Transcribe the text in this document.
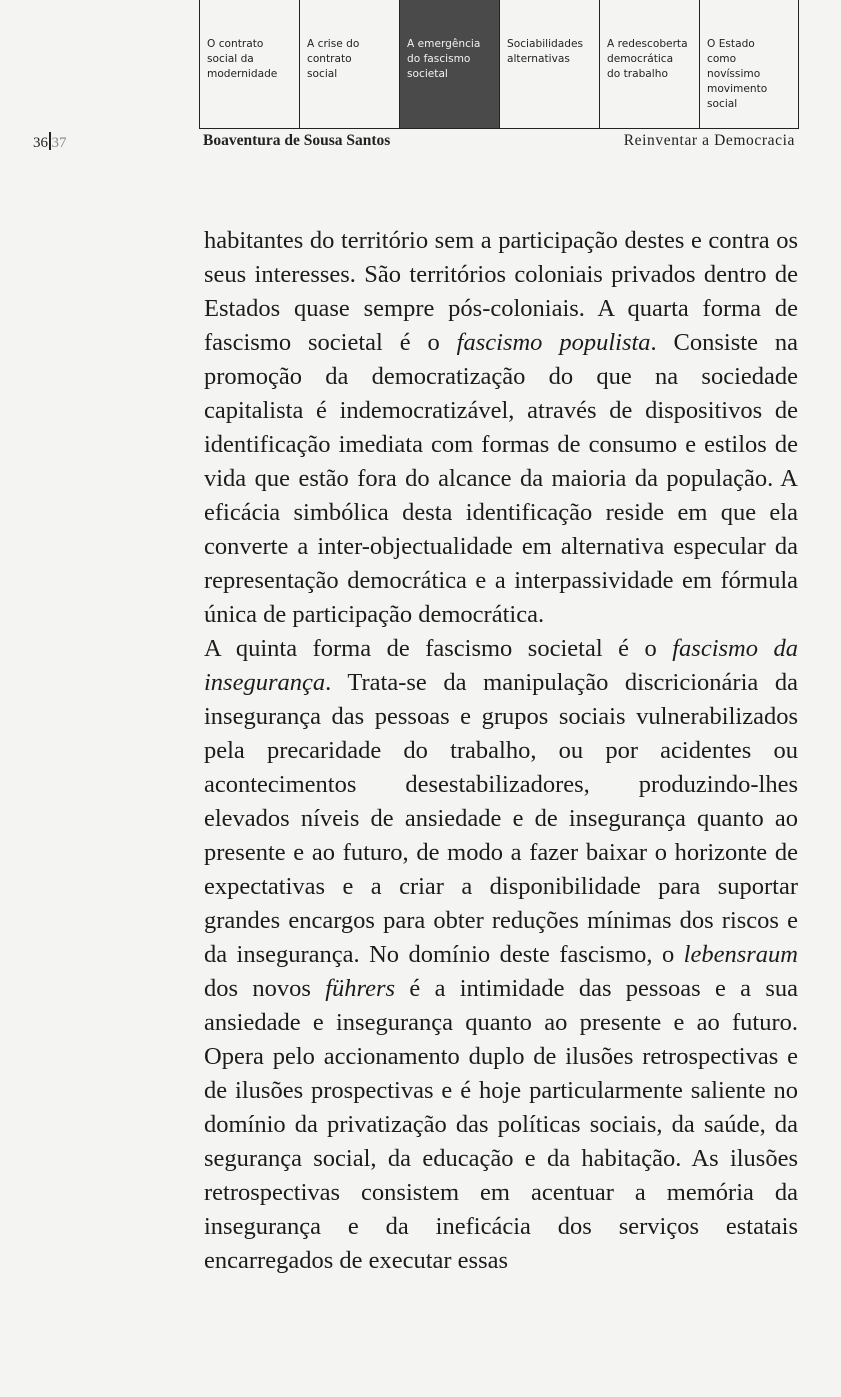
O contrato
social da
modernidade
A crise do
contrato
social
A emergência
do fascismo
societal
Sociabilidades
alternativas
A redescoberta
democrática
do trabalho
O Estado
como
novíssimo
movimento
social
36 37	Boaventura de Sousa Santos	Reinventar a Democracia

habitantes do território sem a participação destes e contra os seus interesses. São territórios coloniais privados dentro de Estados quase sempre pós-coloniais. A quarta forma de fascismo societal é o fascismo populista. Consiste na promoção da democratização do que na sociedade capitalista é indemocratizável, através de dispositivos de identificação imediata com formas de consumo e estilos de vida que estão fora do alcance da maioria da população. A eficácia simbólica desta identificação reside em que ela converte a inter-objectualidade em alternativa especular da representação democrática e a interpassividade em fórmula única de participação democrática.

A quinta forma de fascismo societal é o fascismo da insegurança. Trata-se da manipulação discricionária da insegurança das pessoas e grupos sociais vulnerabilizados pela precaridade do trabalho, ou por acidentes ou acontecimentos desestabilizadores, produzindo-lhes elevados níveis de ansiedade e de insegurança quanto ao presente e ao futuro, de modo a fazer baixar o horizonte de expectativas e a criar a disponibilidade para suportar grandes encargos para obter reduções mínimas dos riscos e da insegurança. No domínio deste fascismo, o lebensraum dos novos führers é a intimidade das pessoas e a sua ansiedade e insegurança quanto ao presente e ao futuro. Opera pelo accionamento duplo de ilusões retrospectivas e de ilusões prospectivas e é hoje particularmente saliente no domínio da privatização das políticas sociais, da saúde, da segurança social, da educação e da habitação. As ilusões retrospectivas consistem em acentuar a memória da insegurança e da ineficácia dos serviços estatais encarregados de executar essas
